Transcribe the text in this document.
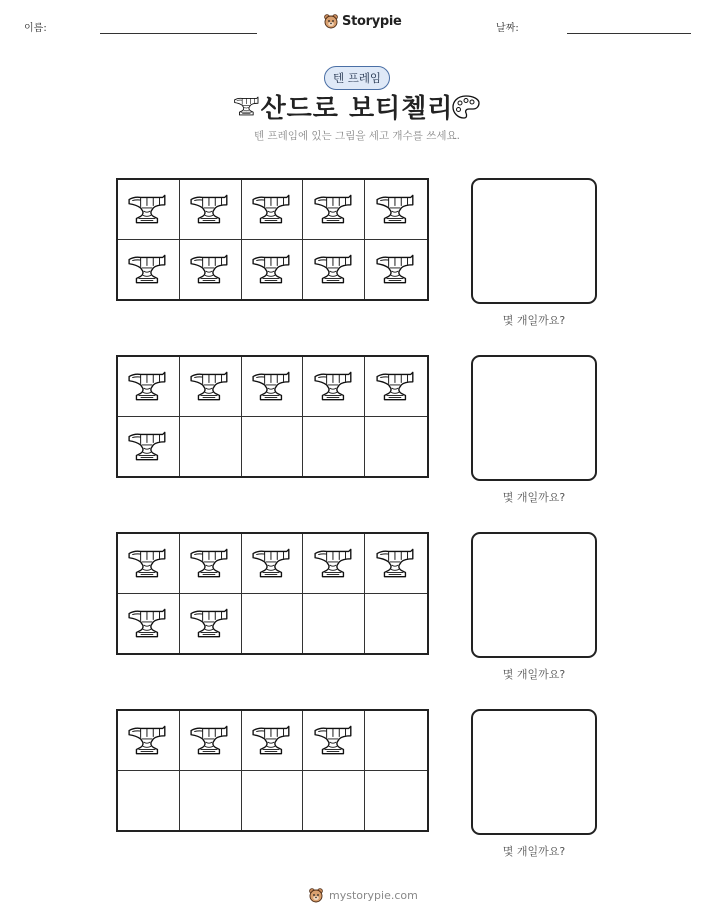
이름:	Storypie	날짜:
텐 프레임
산드로 보티첼리
텐 프레임에 있는 그림을 세고 개수를 쓰세요.
몇 개일까요?
몇 개일까요?
몇 개일까요?
몇 개일까요?
mystorypie.com
